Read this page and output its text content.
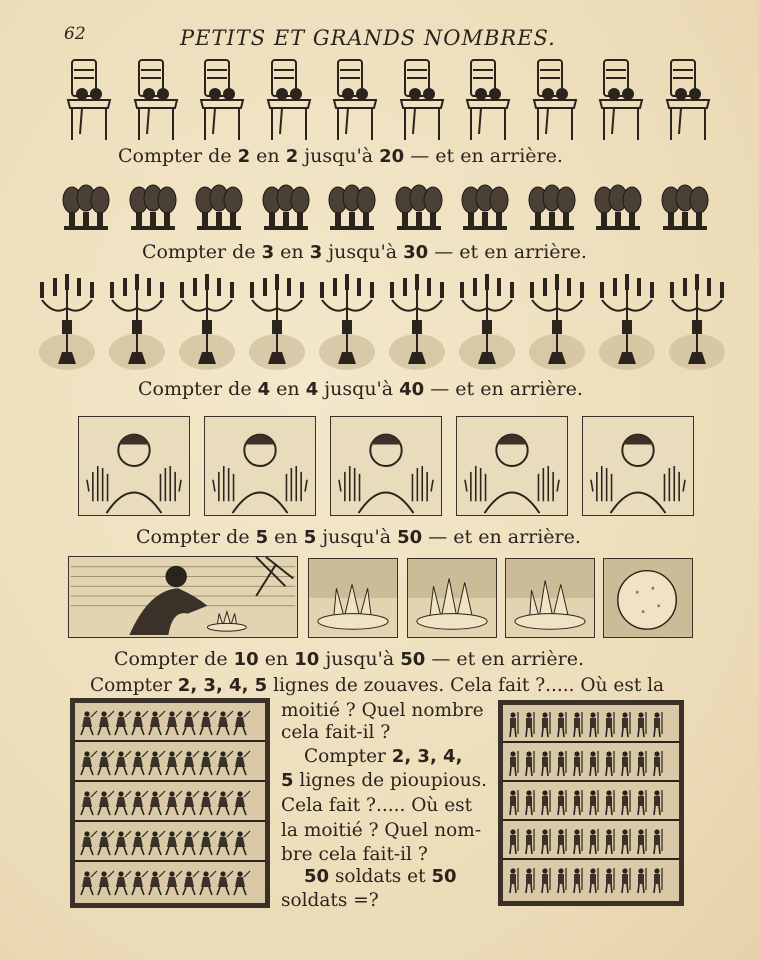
62	PETITS ET GRANDS NOMBRES.
Compter de 2 en 2 jusqu'à 20 — et en arrière.
Compter de 3 en 3 jusqu'à 30 — et en arrière.
Compter de 4 en 4 jusqu'à 40 — et en arrière.
Compter de 5 en 5 jusqu'à 50 — et en arrière.
Compter de 10 en 10 jusqu'à 50 — et en arrière.
Compter 2, 3, 4, 5 lignes de zouaves. Cela fait ?..... Où est la
moitié ? Quel nombre
cela fait-il ?
Compter 2, 3, 4,
5 lignes de pioupious.
Cela fait ?..... Où est
la moitié ? Quel nom-
bre cela fait-il ?
50 soldats et 50
soldats =?
